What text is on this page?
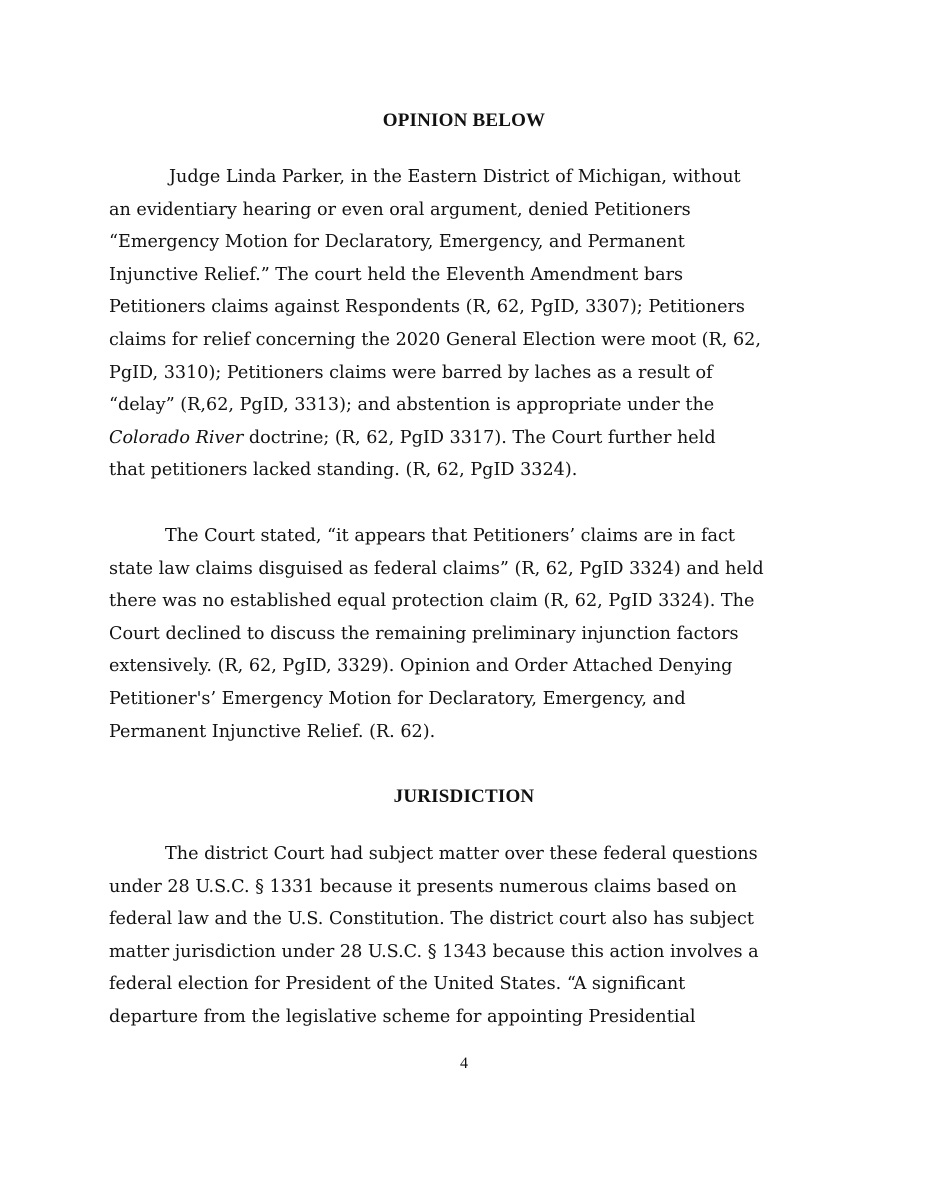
OPINION BELOW
Judge Linda Parker, in the Eastern District of Michigan, without
an evidentiary hearing or even oral argument, denied Petitioners
“Emergency Motion for Declaratory, Emergency, and Permanent
Injunctive Relief.” The court held the Eleventh Amendment bars
Petitioners claims against Respondents (R, 62, PgID, 3307); Petitioners
claims for relief concerning the 2020 General Election were moot (R, 62,
PgID, 3310); Petitioners claims were barred by laches as a result of
“delay” (R,62, PgID, 3313); and abstention is appropriate under the
Colorado River doctrine; (R, 62, PgID 3317). The Court further held
that petitioners lacked standing. (R, 62, PgID 3324).
The Court stated, “it appears that Petitioners’ claims are in fact
state law claims disguised as federal claims” (R, 62, PgID 3324) and held
there was no established equal protection claim (R, 62, PgID 3324). The
Court declined to discuss the remaining preliminary injunction factors
extensively. (R, 62, PgID, 3329). Opinion and Order Attached Denying
Petitioner's’ Emergency Motion for Declaratory, Emergency, and
Permanent Injunctive Relief. (R. 62).
JURISDICTION
The district Court had subject matter over these federal questions
under 28 U.S.C. § 1331 because it presents numerous claims based on
federal law and the U.S. Constitution. The district court also has subject
matter jurisdiction under 28 U.S.C. § 1343 because this action involves a
federal election for President of the United States. “A significant
departure from the legislative scheme for appointing Presidential
4
